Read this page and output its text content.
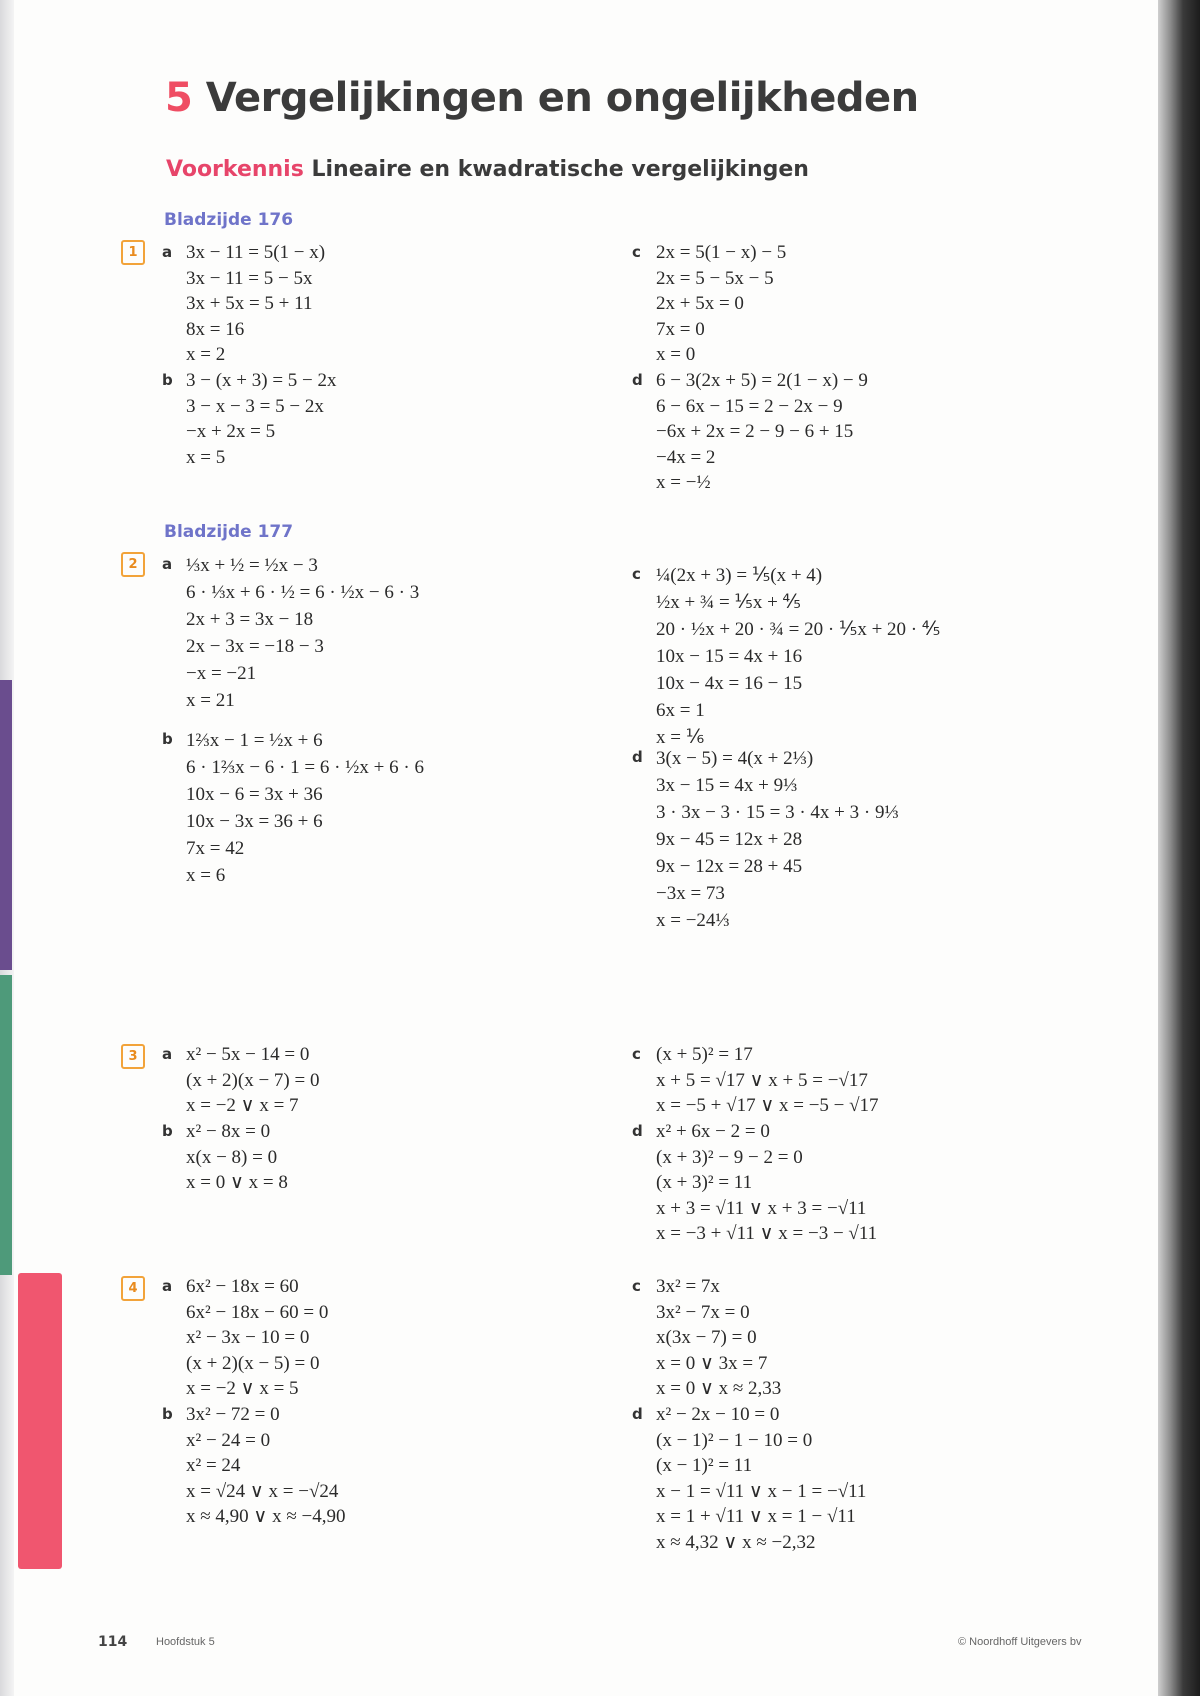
5 Vergelijkingen en ongelijkheden
Voorkennis Lineaire en kwadratische vergelijkingen
Bladzijde 176
Bladzijde 177
1	a 3x − 11 = 5(1 − x)
3x − 11 = 5 − 5x
3x + 5x = 5 + 11
8x = 16
x = 2
b 3 − (x + 3) = 5 − 2x
3 − x − 3 = 5 − 2x
−x + 2x = 5
x = 5
c 2x = 5(1 − x) − 5
2x = 5 − 5x − 5
2x + 5x = 0
7x = 0
x = 0
d 6 − 3(2x + 5) = 2(1 − x) − 9
6 − 6x − 15 = 2 − 2x − 9
−6x + 2x = 2 − 9 − 6 + 15
−4x = 2
x = −½
2	a ⅓x + ½ = ½x − 3
6 · ⅓x + 6 · ½ = 6 · ½x − 6 · 3
2x + 3 = 3x − 18
2x − 3x = −18 − 3
−x = −21
x = 21
b 1⅔x − 1 = ½x + 6
6 · 1⅔x − 6 · 1 = 6 · ½x + 6 · 6
10x − 6 = 3x + 36
10x − 3x = 36 + 6
7x = 42
x = 6
c ¼(2x + 3) = ⅕(x + 4)
½x + ¾ = ⅕x + ⅘
20 · ½x + 20 · ¾ = 20 · ⅕x + 20 · ⅘
10x − 15 = 4x + 16
10x − 4x = 16 − 15
6x = 1
x = ⅙
d 3(x − 5) = 4(x + 2⅓)
3x − 15 = 4x + 9⅓
3 · 3x − 3 · 15 = 3 · 4x + 3 · 9⅓
9x − 45 = 12x + 28
9x − 12x = 28 + 45
−3x = 73
x = −24⅓
3	a x² − 5x − 14 = 0
(x + 2)(x − 7) = 0
x = −2 ∨ x = 7
b x² − 8x = 0
x(x − 8) = 0
x = 0 ∨ x = 8
c (x + 5)² = 17
x + 5 = √17 ∨ x + 5 = −√17
x = −5 + √17 ∨ x = −5 − √17
d x² + 6x − 2 = 0
(x + 3)² − 9 − 2 = 0
(x + 3)² = 11
x + 3 = √11 ∨ x + 3 = −√11
x = −3 + √11 ∨ x = −3 − √11
4	a 6x² − 18x = 60
6x² − 18x − 60 = 0
x² − 3x − 10 = 0
(x + 2)(x − 5) = 0
x = −2 ∨ x = 5
b 3x² − 72 = 0
x² − 24 = 0
x² = 24
x = √24 ∨ x = −√24
x ≈ 4,90 ∨ x ≈ −4,90
c 3x² = 7x
3x² − 7x = 0
x(3x − 7) = 0
x = 0 ∨ 3x = 7
x = 0 ∨ x ≈ 2,33
d x² − 2x − 10 = 0
(x − 1)² − 1 − 10 = 0
(x − 1)² = 11
x − 1 = √11 ∨ x − 1 = −√11
x = 1 + √11 ∨ x = 1 − √11
x ≈ 4,32 ∨ x ≈ −2,32
114	Hoofdstuk 5	© Noordhoff Uitgevers bv
